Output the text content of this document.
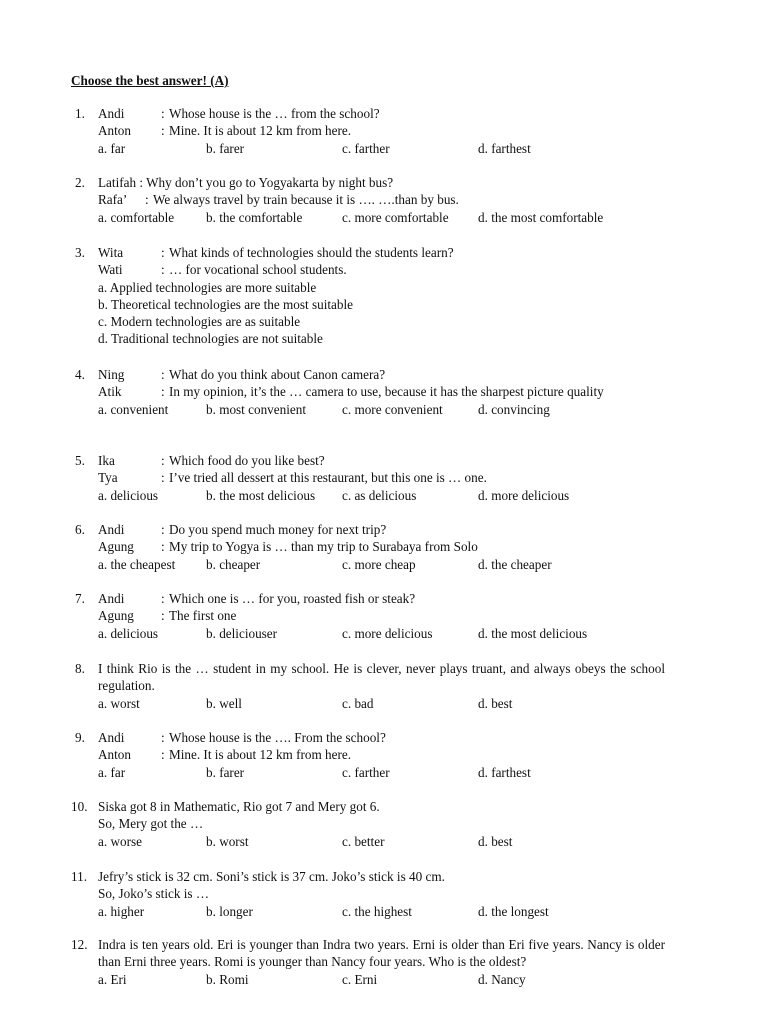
Choose the best answer! (A)
1. Andi	: Whose house is the … from the school?
Anton : Mine. It is about 12 km from here.
a. far	b. farer	c. farther	d. farthest
2. Latifah : Why don’t you go to Yogyakarta by night bus?
Rafa’ : We always travel by train because it is …. ….than by bus.
a. comfortable b. the comfortable	c. more comfortable d. the most comfortable
3. Wita	: What kinds of technologies should the students learn?
Wati	: … for vocational school students.
a. Applied technologies are more suitable
b. Theoretical technologies are the most suitable
c. Modern technologies are as suitable
d. Traditional technologies are not suitable
4. Ning	: What do you think about Canon camera?
Atik	: In my opinion, it’s the … camera to use, because it has the sharpest picture quality
a. convenient	b. most convenient	c. more convenient	d. convincing
5. Ika	: Which food do you like best?
Tya	: I’ve tried all dessert at this restaurant, but this one is … one.
a. delicious	b. the most delicious c. as delicious	d. more delicious
6. Andi	: Do you spend much money for next trip?
Agung : My trip to Yogya is … than my trip to Surabaya from Solo
a. the cheapest b. cheaper	c. more cheap	d. the cheaper
7. Andi	: Which one is … for you, roasted fish or steak?
Agung : The first one
a. delicious	b. deliciouser	c. more delicious	d. the most delicious
8. I think Rio is the … student in my school. He is clever, never plays truant, and always obeys the school regulation.
a. worst	b. well	c. bad	d. best
9. Andi	: Whose house is the …. From the school?
Anton : Mine. It is about 12 km from here.
a. far	b. farer	c. farther	d. farthest
10. Siska got 8 in Mathematic, Rio got 7 and Mery got 6.
So, Mery got the …
a. worse	b. worst	c. better	d. best
11. Jefry’s stick is 32 cm. Soni’s stick is 37 cm. Joko’s stick is 40 cm.
So, Joko’s stick is …
a. higher	b. longer	c. the highest	d. the longest
12. Indra is ten years old. Eri is younger than Indra two years. Erni is older than Eri five years. Nancy is older than Erni three years. Romi is younger than Nancy four years. Who is the oldest?
a. Eri	b. Romi	c. Erni	d. Nancy
